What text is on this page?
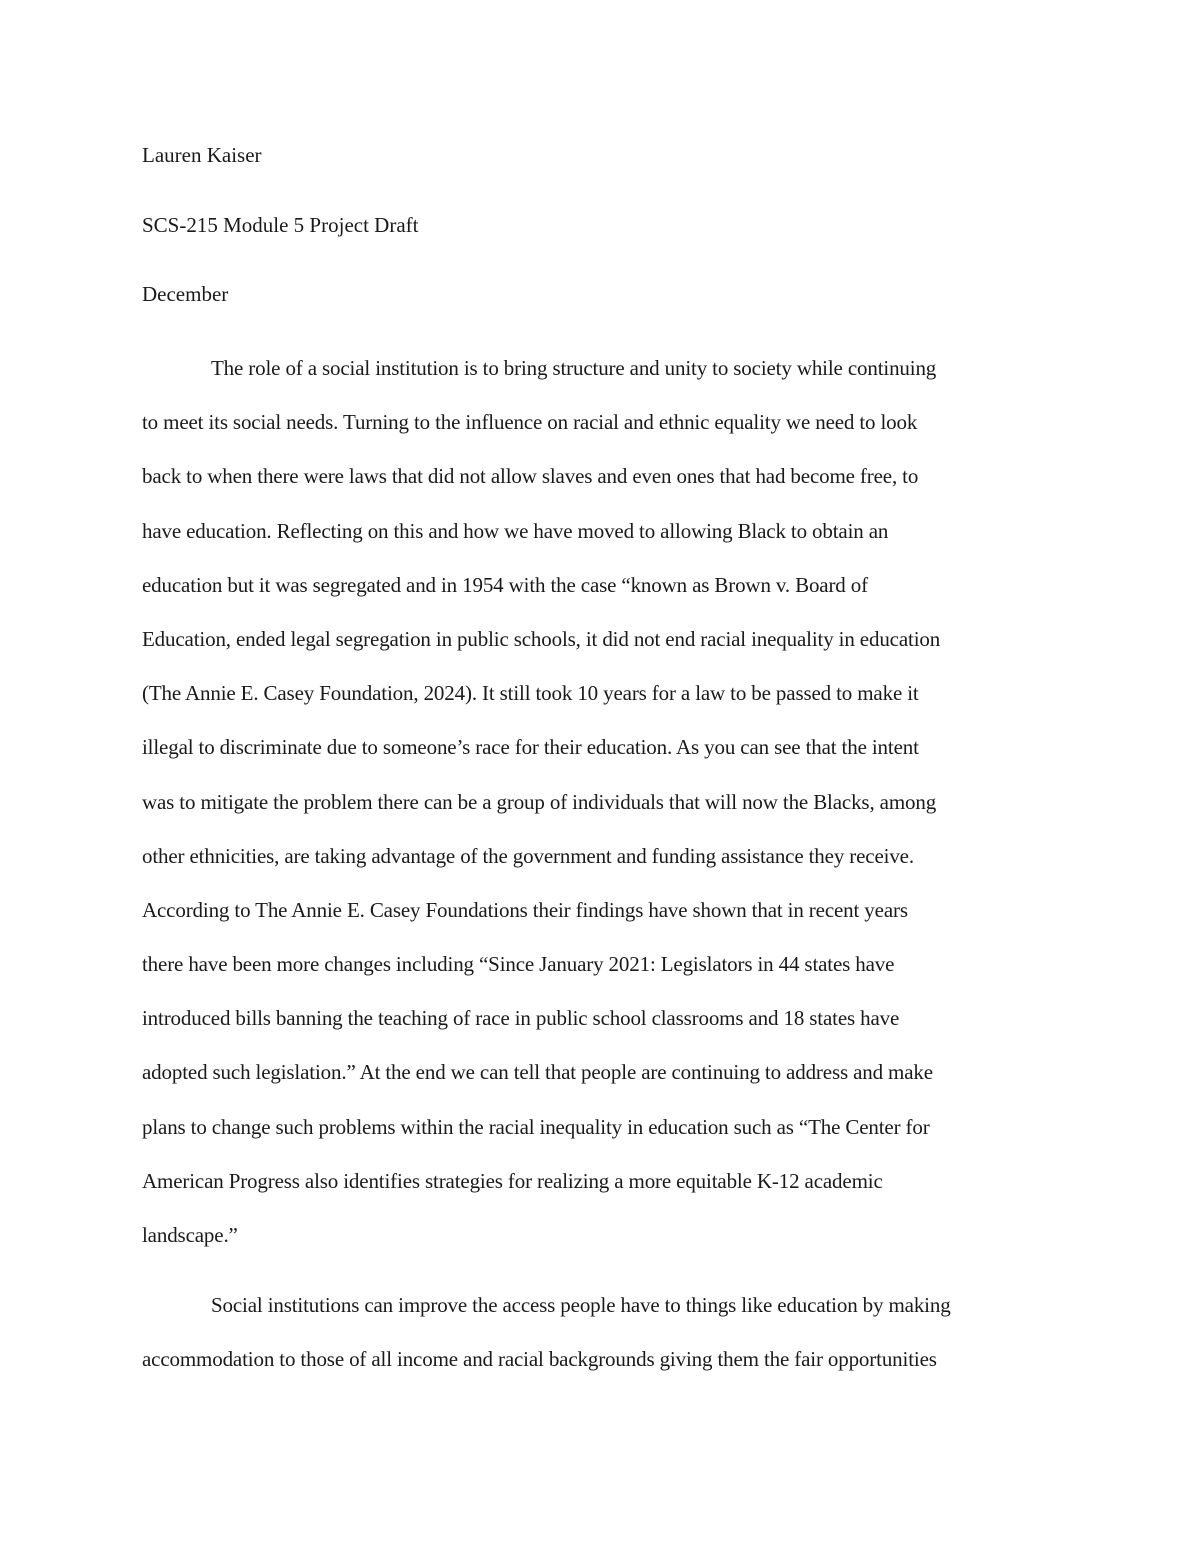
Lauren Kaiser
SCS-215 Module 5 Project Draft
December
The role of a social institution is to bring structure and unity to society while continuing
to meet its social needs. Turning to the influence on racial and ethnic equality we need to look
back to when there were laws that did not allow slaves and even ones that had become free, to
have education. Reflecting on this and how we have moved to allowing Black to obtain an
education but it was segregated and in 1954 with the case “known as Brown v. Board of
Education, ended legal segregation in public schools, it did not end racial inequality in education
(The Annie E. Casey Foundation, 2024). It still took 10 years for a law to be passed to make it
illegal to discriminate due to someone’s race for their education. As you can see that the intent
was to mitigate the problem there can be a group of individuals that will now the Blacks, among
other ethnicities, are taking advantage of the government and funding assistance they receive.
According to The Annie E. Casey Foundations their findings have shown that in recent years
there have been more changes including “Since January 2021: Legislators in 44 states have
introduced bills banning the teaching of race in public school classrooms and 18 states have
adopted such legislation.” At the end we can tell that people are continuing to address and make
plans to change such problems within the racial inequality in education such as “The Center for
American Progress also identifies strategies for realizing a more equitable K-12 academic
landscape.”
Social institutions can improve the access people have to things like education by making
accommodation to those of all income and racial backgrounds giving them the fair opportunities
